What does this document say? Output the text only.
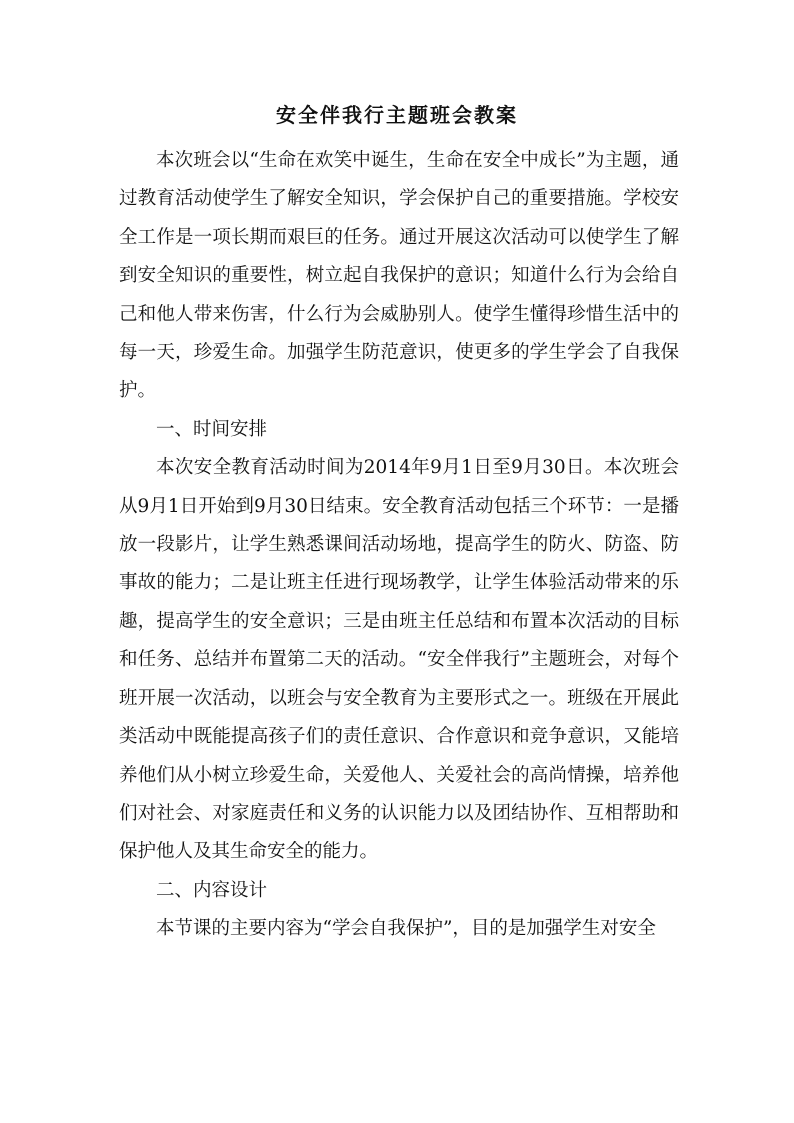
安全伴我行主题班会教案

本次班会以“生命在欢笑中诞生，生命在安全中成长”为主题，通过教育活动使学生了解安全知识，学会保护自己的重要措施。学校安全工作是一项长期而艰巨的任务。通过开展这次活动可以使学生了解到安全知识的重要性，树立起自我保护的意识；知道什么行为会给自己和他人带来伤害，什么行为会威胁别人。使学生懂得珍惜生活中的每一天，珍爱生命。加强学生防范意识，使更多的学生学会了自我保护。

一、时间安排

本次安全教育活动时间为2014年9月1日至9月30日。本次班会从9月1日开始到9月30日结束。安全教育活动包括三个环节：一是播放一段影片，让学生熟悉课间活动场地，提高学生的防火、防盗、防事故的能力；二是让班主任进行现场教学，让学生体验活动带来的乐趣，提高学生的安全意识；三是由班主任总结和布置本次活动的目标和任务、总结并布置第二天的活动。“安全伴我行”主题班会，对每个班开展一次活动，以班会与安全教育为主要形式之一。班级在开展此类活动中既能提高孩子们的责任意识、合作意识和竞争意识，又能培养他们从小树立珍爱生命，关爱他人、关爱社会的高尚情操，培养他们对社会、对家庭责任和义务的认识能力以及团结协作、互相帮助和保护他人及其生命安全的能力。

二、内容设计

本节课的主要内容为“学会自我保护”，目的是加强学生对安全
